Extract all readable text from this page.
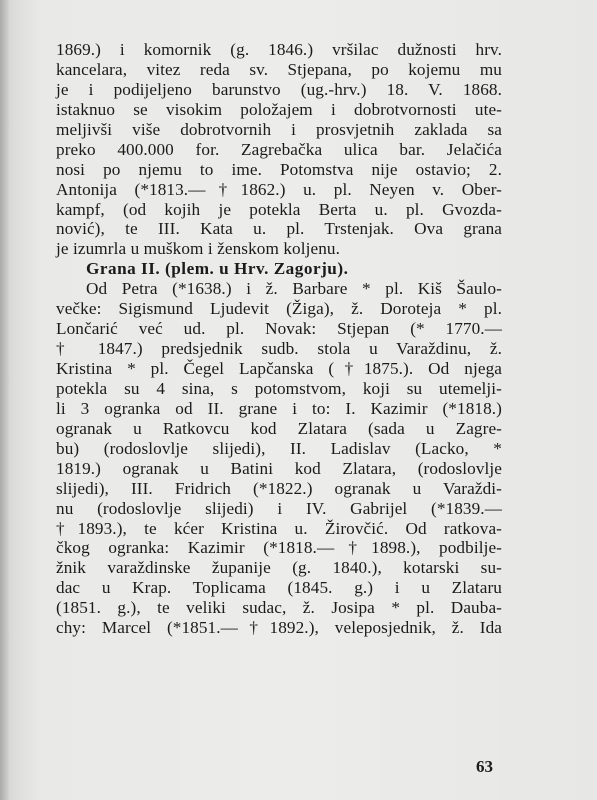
1869.) i komornik (g. 1846.) vršilac dužnosti hrv.
kancelara, vitez reda sv. Stjepana, po kojemu mu
je i podijeljeno barunstvo (ug.-hrv.) 18. V. 1868.
istaknuo se visokim položajem i dobrotvornosti ute-
meljivši više dobrotvornih i prosvjetnih zaklada sa
preko 400.000 for. Zagrebačka ulica bar. Jelačića
nosi po njemu to ime. Potomstva nije ostavio; 2.
Antonija (*1813.—†1862.) u. pl. Neyen v. Ober-
kampf, (od kojih je potekla Berta u. pl. Gvozda-
nović), te III. Kata u. pl. Trstenjak. Ova grana
je izumrla u muškom i ženskom koljenu.
Grana II. (plem. u Hrv. Zagorju).
Od Petra (*1638.) i ž. Barbare * pl. Kiš Šaulo-
večke: Sigismund Ljudevit (Žiga), ž. Doroteja * pl.
Lončarić već ud. pl. Novak: Stjepan (* 1770.—
† 1847.) predsjednik sudb. stola u Varaždinu, ž.
Kristina * pl. Čegel Lapčanska (†1875.). Od njega
potekla su 4 sina, s potomstvom, koji su utemelji-
li 3 ogranka od II. grane i to: I. Kazimir (*1818.)
ogranak u Ratkovcu kod Zlatara (sada u Zagre-
bu) (rodoslovlje slijedi), II. Ladislav (Lacko, *
1819.) ogranak u Batini kod Zlatara, (rodoslovlje
slijedi), III. Fridrich (*1822.) ogranak u Varaždi-
nu (rodoslovlje slijedi) i IV. Gabrijel (*1839.—
†1893.), te kćer Kristina u. Žirovčić. Od ratkova-
čkog ogranka: Kazimir (*1818.—†1898.), podbilje-
žnik varaždinske županije (g. 1840.), kotarski su-
dac u Krap. Toplicama (1845. g.) i u Zlataru
(1851. g.), te veliki sudac, ž. Josipa * pl. Dauba-
chy: Marcel (*1851.—†1892.), veleposjednik, ž. Ida
63
